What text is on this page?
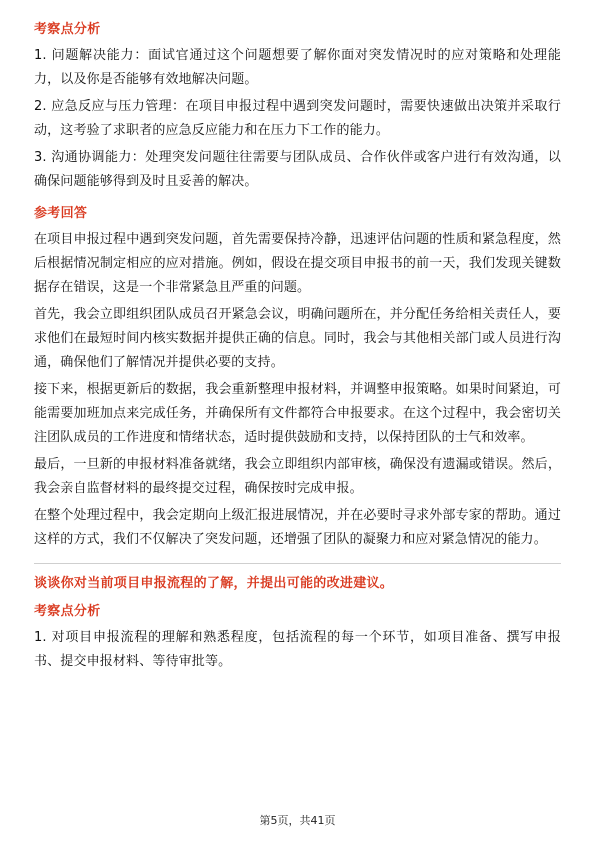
考察点分析

1. 问题解决能力：面试官通过这个问题想要了解你面对突发情况时的应对策略和处理能力，以及你是否能够有效地解决问题。

2. 应急反应与压力管理：在项目申报过程中遇到突发问题时，需要快速做出决策并采取行动，这考验了求职者的应急反应能力和在压力下工作的能力。

3. 沟通协调能力：处理突发问题往往需要与团队成员、合作伙伴或客户进行有效沟通，以确保问题能够得到及时且妥善的解决。

参考回答

在项目申报过程中遇到突发问题，首先需要保持冷静，迅速评估问题的性质和紧急程度，然后根据情况制定相应的应对措施。例如，假设在提交项目申报书的前一天，我们发现关键数据存在错误，这是一个非常紧急且严重的问题。

首先，我会立即组织团队成员召开紧急会议，明确问题所在，并分配任务给相关责任人，要求他们在最短时间内核实数据并提供正确的信息。同时，我会与其他相关部门或人员进行沟通，确保他们了解情况并提供必要的支持。

接下来，根据更新后的数据，我会重新整理申报材料，并调整申报策略。如果时间紧迫，可能需要加班加点来完成任务，并确保所有文件都符合申报要求。在这个过程中，我会密切关注团队成员的工作进度和情绪状态，适时提供鼓励和支持，以保持团队的士气和效率。

最后，一旦新的申报材料准备就绪，我会立即组织内部审核，确保没有遗漏或错误。然后，我会亲自监督材料的最终提交过程，确保按时完成申报。

在整个处理过程中，我会定期向上级汇报进展情况，并在必要时寻求外部专家的帮助。通过这样的方式，我们不仅解决了突发问题，还增强了团队的凝聚力和应对紧急情况的能力。

谈谈你对当前项目申报流程的了解，并提出可能的改进建议。
考察点分析

1. 对项目申报流程的理解和熟悉程度，包括流程的每一个环节，如项目准备、撰写申报书、提交申报材料、等待审批等。

第5页，共41页
